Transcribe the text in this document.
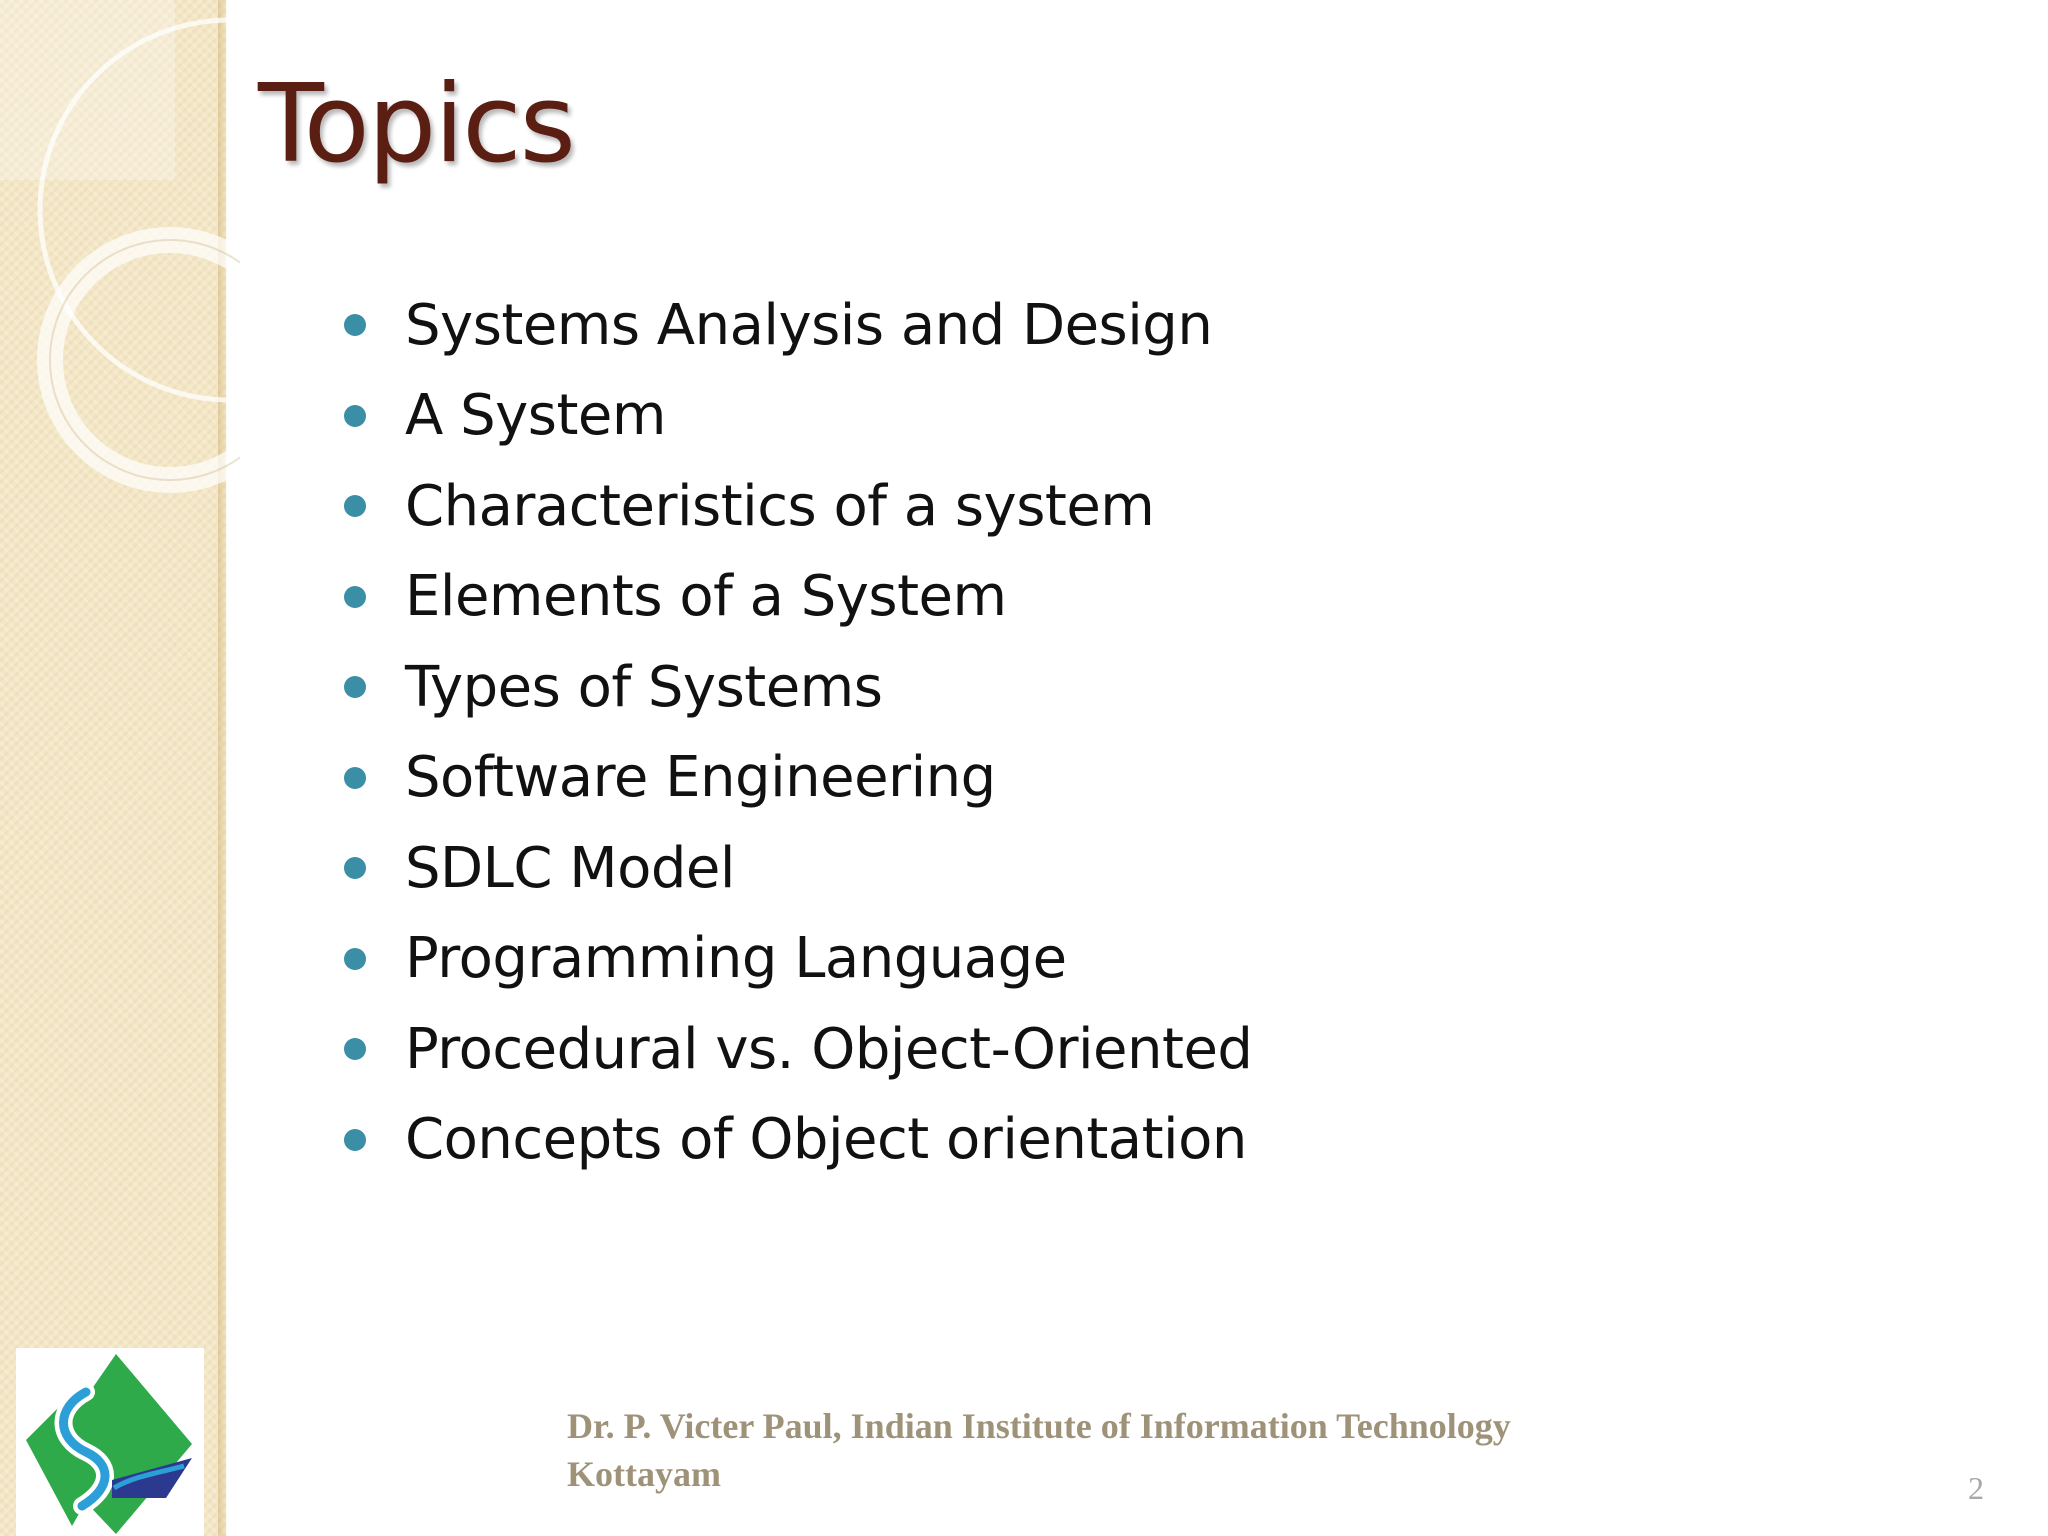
Topics
Systems Analysis and Design
A System
Characteristics of a system
Elements of a System
Types of Systems
Software Engineering
SDLC Model
Programming Language
Procedural vs. Object-Oriented
Concepts of Object orientation
Dr. P. Victer Paul, Indian Institute of Information Technology
Kottayam	2
